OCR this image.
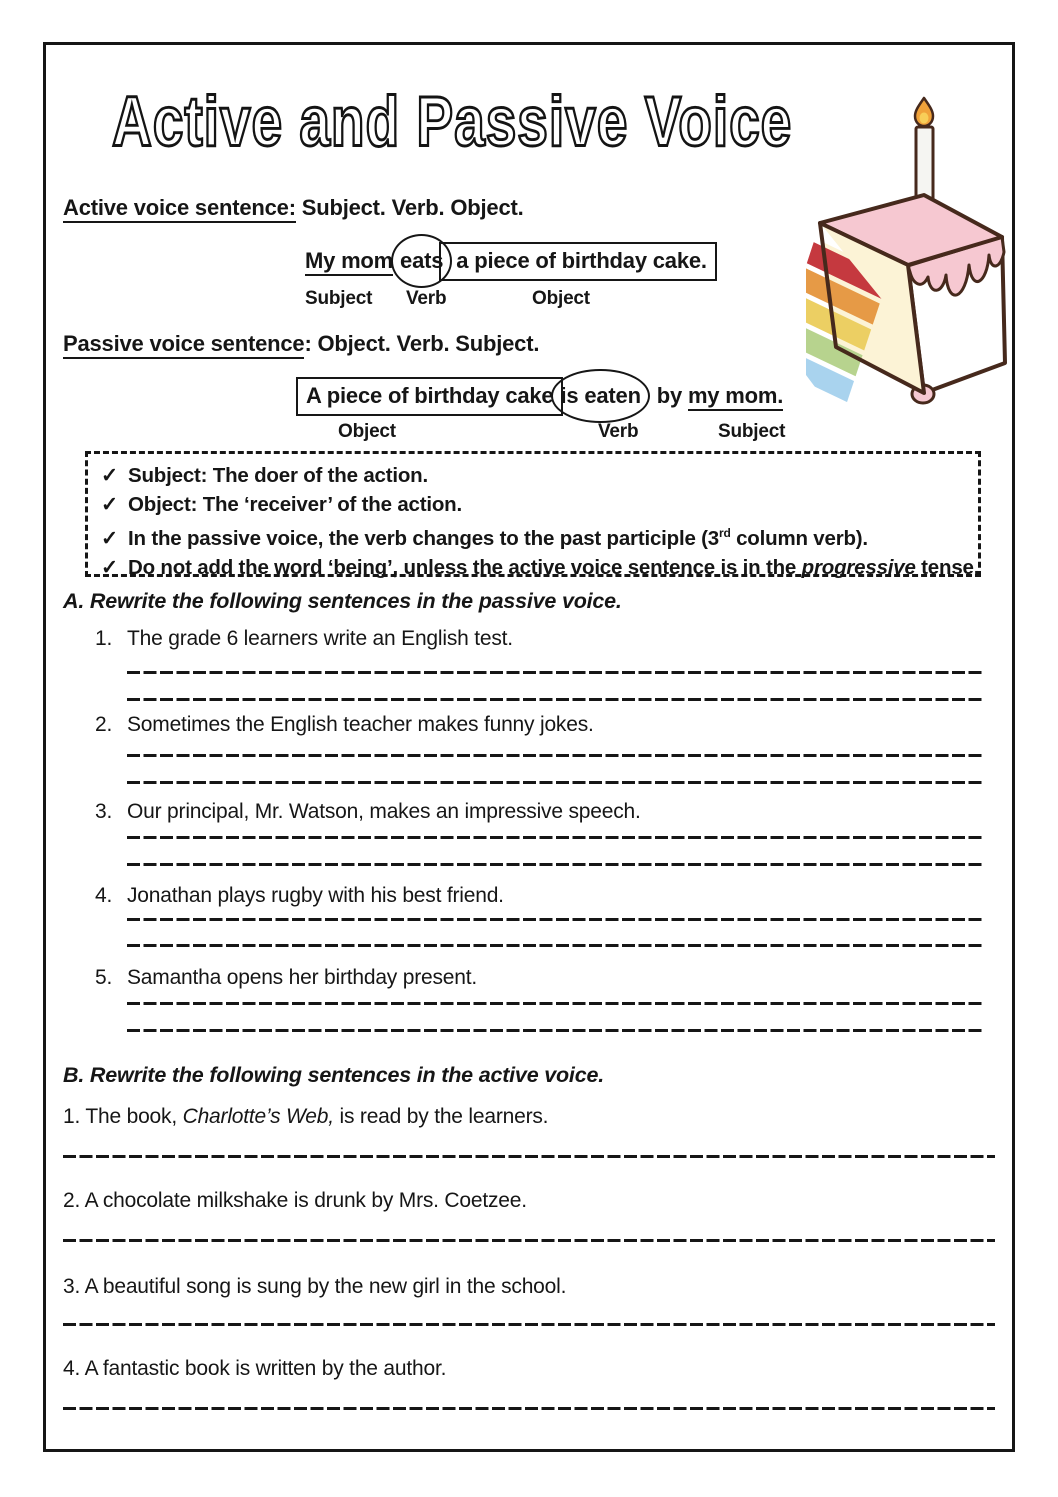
Active and Passive Voice
Active voice sentence: Subject. Verb. Object.
My mom eats a piece of birthday cake.
Subject Verb	Object
Passive voice sentence: Object. Verb. Subject.
A piece of birthday cake is eaten by my mom.
Object	Verb	Subject
✓ Subject: The doer of the action.
✓ Object: The ‘receiver’ of the action.
✓ In the passive voice, the verb changes to the past participle (3rd column verb).
✓ Do not add the word ‘being’, unless the active voice sentence is in the progressive tense.
A. Rewrite the following sentences in the passive voice.
1. The grade 6 learners write an English test.
2. Sometimes the English teacher makes funny jokes.
3. Our principal, Mr. Watson, makes an impressive speech.
4. Jonathan plays rugby with his best friend.
5. Samantha opens her birthday present.
B. Rewrite the following sentences in the active voice.
1. The book, Charlotte’s Web, is read by the learners.
2. A chocolate milkshake is drunk by Mrs. Coetzee.
3. A beautiful song is sung by the new girl in the school.
4. A fantastic book is written by the author.
